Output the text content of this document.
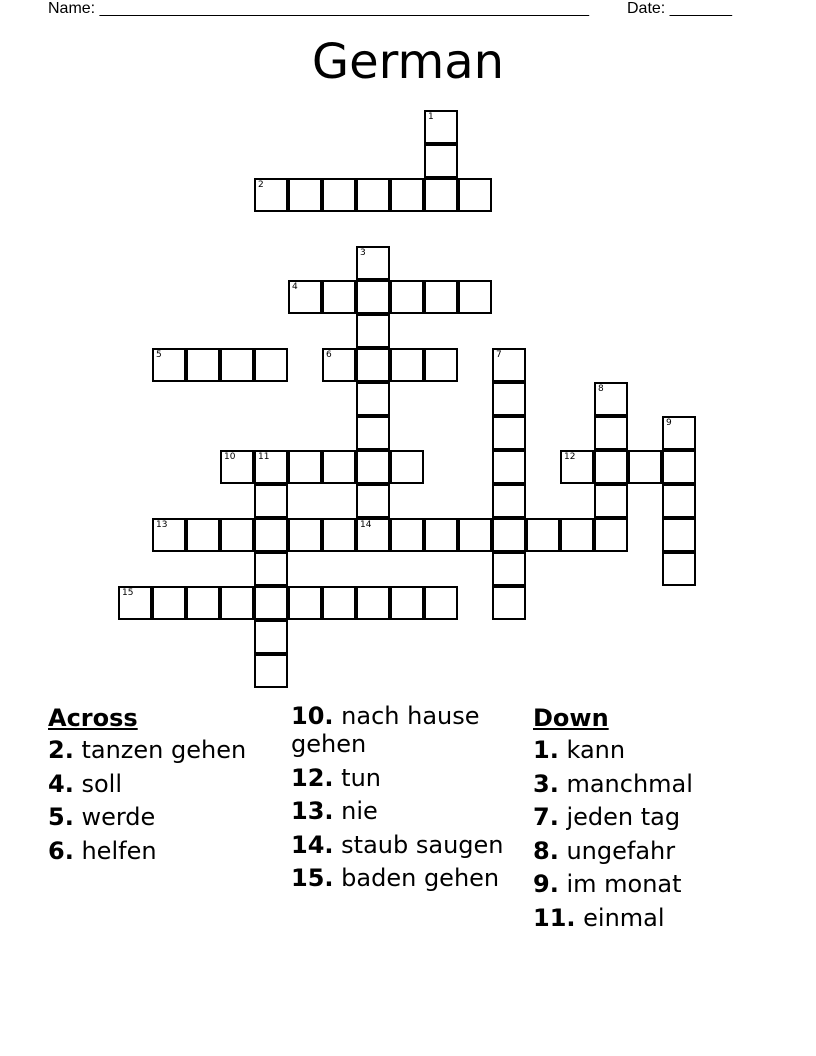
Name: _______________________________________________________ Date: _______
German
2
4
5	6
10	11	12
13	14
15
1
3
7
8
9
Across
2. tanzen gehen
4. soll
5. werde
6. helfen
10. nach hause gehen
12. tun
13. nie
14. staub saugen
15. baden gehen
Down
1. kann
3. manchmal
7. jeden tag
8. ungefahr
9. im monat
11. einmal
